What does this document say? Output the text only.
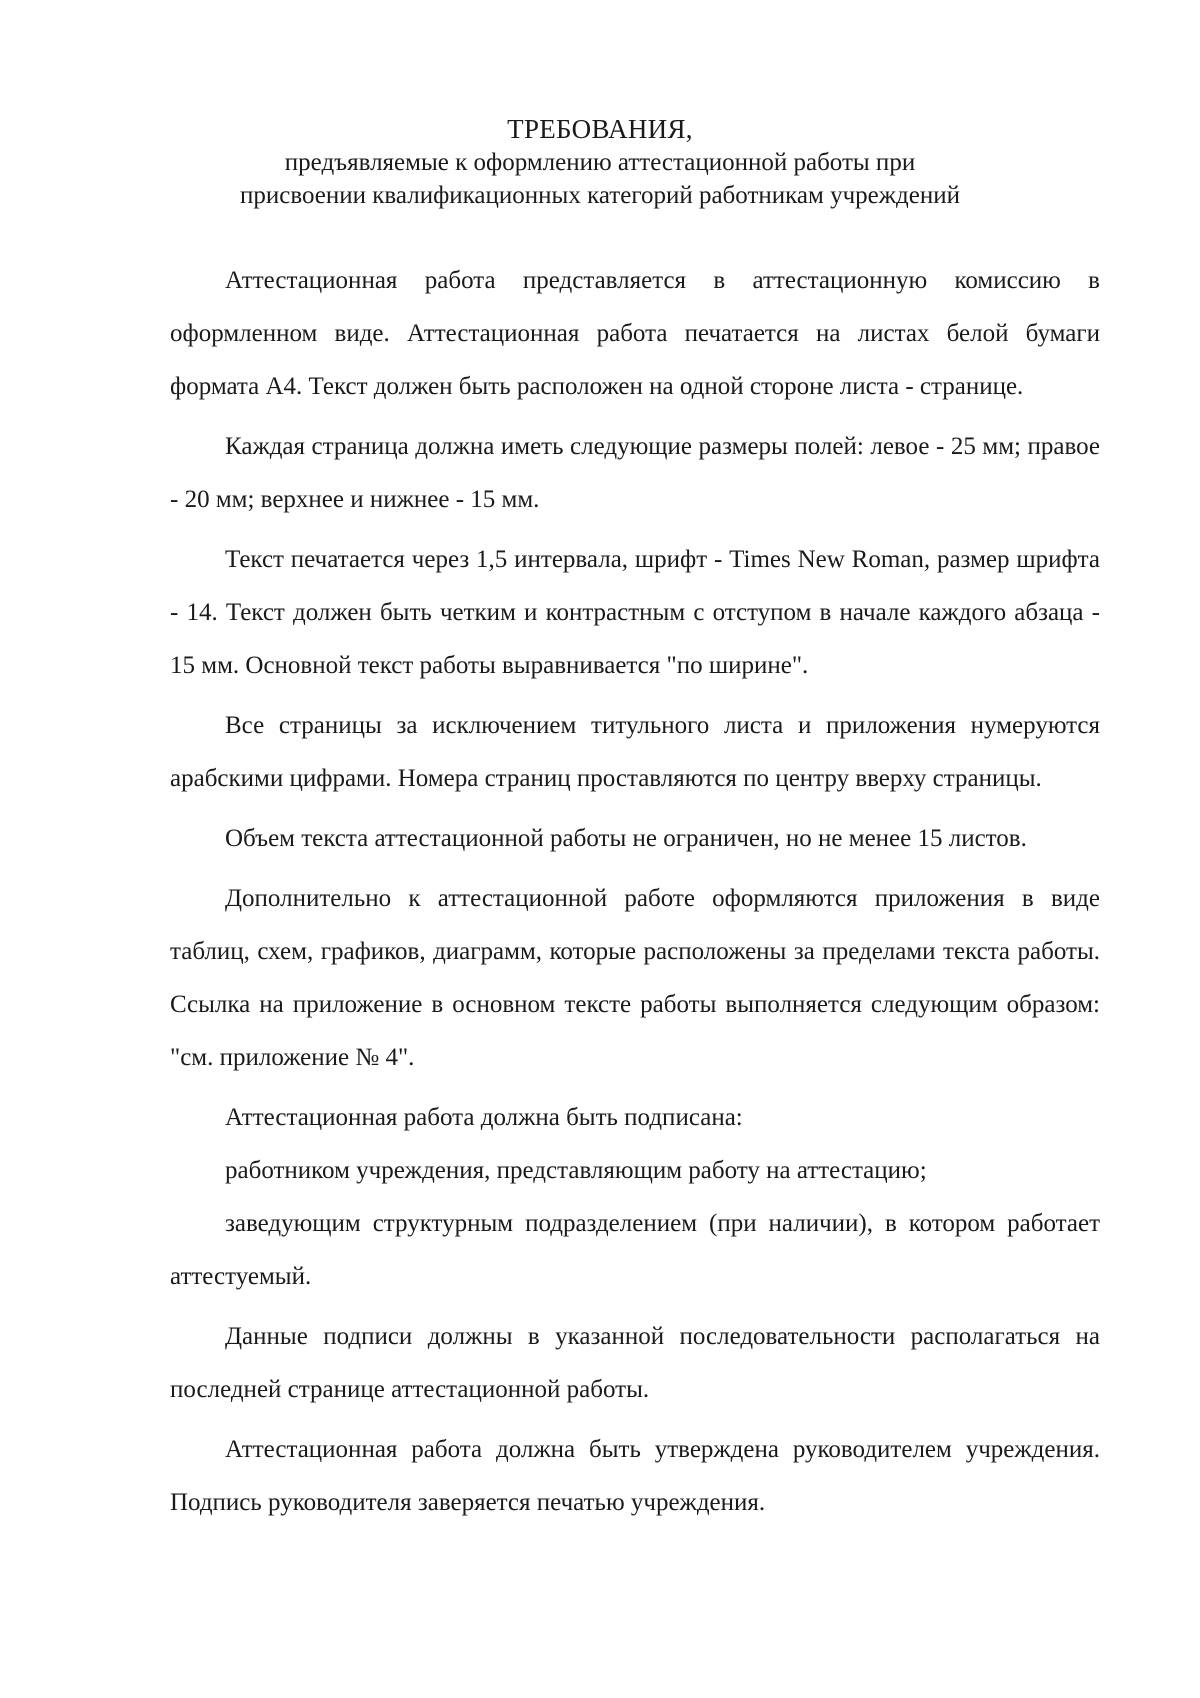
ТРЕБОВАНИЯ,

предъявляемые к оформлению аттестационной работы при

присвоении квалификационных категорий работникам учреждений

Аттестационная работа представляется в аттестационную комиссию в оформленном виде. Аттестационная работа печатается на листах белой бумаги формата А4. Текст должен быть расположен на одной стороне листа - странице.

Каждая страница должна иметь следующие размеры полей: левое - 25 мм; правое - 20 мм; верхнее и нижнее - 15 мм.

Текст печатается через 1,5 интервала, шрифт - Times New Roman, размер шрифта - 14. Текст должен быть четким и контрастным с отступом в начале каждого абзаца - 15 мм. Основной текст работы выравнивается "по ширине".

Все страницы за исключением титульного листа и приложения нумеруются арабскими цифрами. Номера страниц проставляются по центру вверху страницы.

Объем текста аттестационной работы не ограничен, но не менее 15 листов.

Дополнительно к аттестационной работе оформляются приложения в виде таблиц, схем, графиков, диаграмм, которые расположены за пределами текста работы. Ссылка на приложение в основном тексте работы выполняется следующим образом: "см. приложение № 4".

Аттестационная работа должна быть подписана:

работником учреждения, представляющим работу на аттестацию;

заведующим структурным подразделением (при наличии), в котором работает аттестуемый.

Данные подписи должны в указанной последовательности располагаться на последней странице аттестационной работы.

Аттестационная работа должна быть утверждена руководителем учреждения. Подпись руководителя заверяется печатью учреждения.
